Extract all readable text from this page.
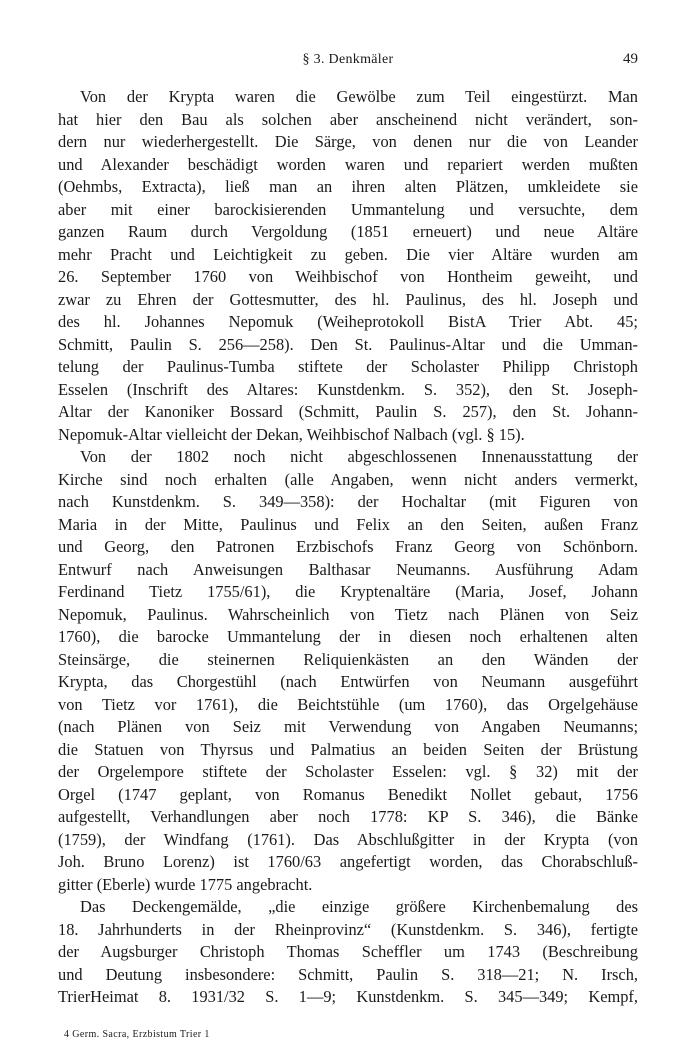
§ 3. Denkmäler	49
Von der Krypta waren die Gewölbe zum Teil eingestürzt. Man
hat hier den Bau als solchen aber anscheinend nicht verändert, son-
dern nur wiederhergestellt. Die Särge, von denen nur die von Leander
und Alexander beschädigt worden waren und repariert werden mußten
(Oehmbs, Extracta), ließ man an ihren alten Plätzen, umkleidete sie
aber mit einer barockisierenden Ummantelung und versuchte, dem
ganzen Raum durch Vergoldung (1851 erneuert) und neue Altäre
mehr Pracht und Leichtigkeit zu geben. Die vier Altäre wurden am
26. September 1760 von Weihbischof von Hontheim geweiht, und
zwar zu Ehren der Gottesmutter, des hl. Paulinus, des hl. Joseph und
des hl. Johannes Nepomuk (Weiheprotokoll BistA Trier Abt. 45;
Schmitt, Paulin S. 256—258). Den St. Paulinus-Altar und die Umman-
telung der Paulinus-Tumba stiftete der Scholaster Philipp Christoph
Esselen (Inschrift des Altares: Kunstdenkm. S. 352), den St. Joseph-
Altar der Kanoniker Bossard (Schmitt, Paulin S. 257), den St. Johann-
Nepomuk-Altar vielleicht der Dekan, Weihbischof Nalbach (vgl. § 15).
Von der 1802 noch nicht abgeschlossenen Innenausstattung der
Kirche sind noch erhalten (alle Angaben, wenn nicht anders vermerkt,
nach Kunstdenkm. S. 349—358): der Hochaltar (mit Figuren von
Maria in der Mitte, Paulinus und Felix an den Seiten, außen Franz
und Georg, den Patronen Erzbischofs Franz Georg von Schönborn.
Entwurf nach Anweisungen Balthasar Neumanns. Ausführung Adam
Ferdinand Tietz 1755/61), die Kryptenaltäre (Maria, Josef, Johann
Nepomuk, Paulinus. Wahrscheinlich von Tietz nach Plänen von Seiz
1760), die barocke Ummantelung der in diesen noch erhaltenen alten
Steinsärge, die steinernen Reliquienkästen an den Wänden der
Krypta, das Chorgestühl (nach Entwürfen von Neumann ausgeführt
von Tietz vor 1761), die Beichtstühle (um 1760), das Orgelgehäuse
(nach Plänen von Seiz mit Verwendung von Angaben Neumanns;
die Statuen von Thyrsus und Palmatius an beiden Seiten der Brüstung
der Orgelempore stiftete der Scholaster Esselen: vgl. § 32) mit der
Orgel (1747 geplant, von Romanus Benedikt Nollet gebaut, 1756
aufgestellt, Verhandlungen aber noch 1778: KP S. 346), die Bänke
(1759), der Windfang (1761). Das Abschlußgitter in der Krypta (von
Joh. Bruno Lorenz) ist 1760/63 angefertigt worden, das Chorabschluß-
gitter (Eberle) wurde 1775 angebracht.
Das Deckengemälde, „die einzige größere Kirchenbemalung des
18. Jahrhunderts in der Rheinprovinz“ (Kunstdenkm. S. 346), fertigte
der Augsburger Christoph Thomas Scheffler um 1743 (Beschreibung
und Deutung insbesondere: Schmitt, Paulin S. 318—21; N. Irsch,
TrierHeimat 8. 1931/32 S. 1—9; Kunstdenkm. S. 345—349; Kempf,
4 Germ. Sacra, Erzbistum Trier 1
